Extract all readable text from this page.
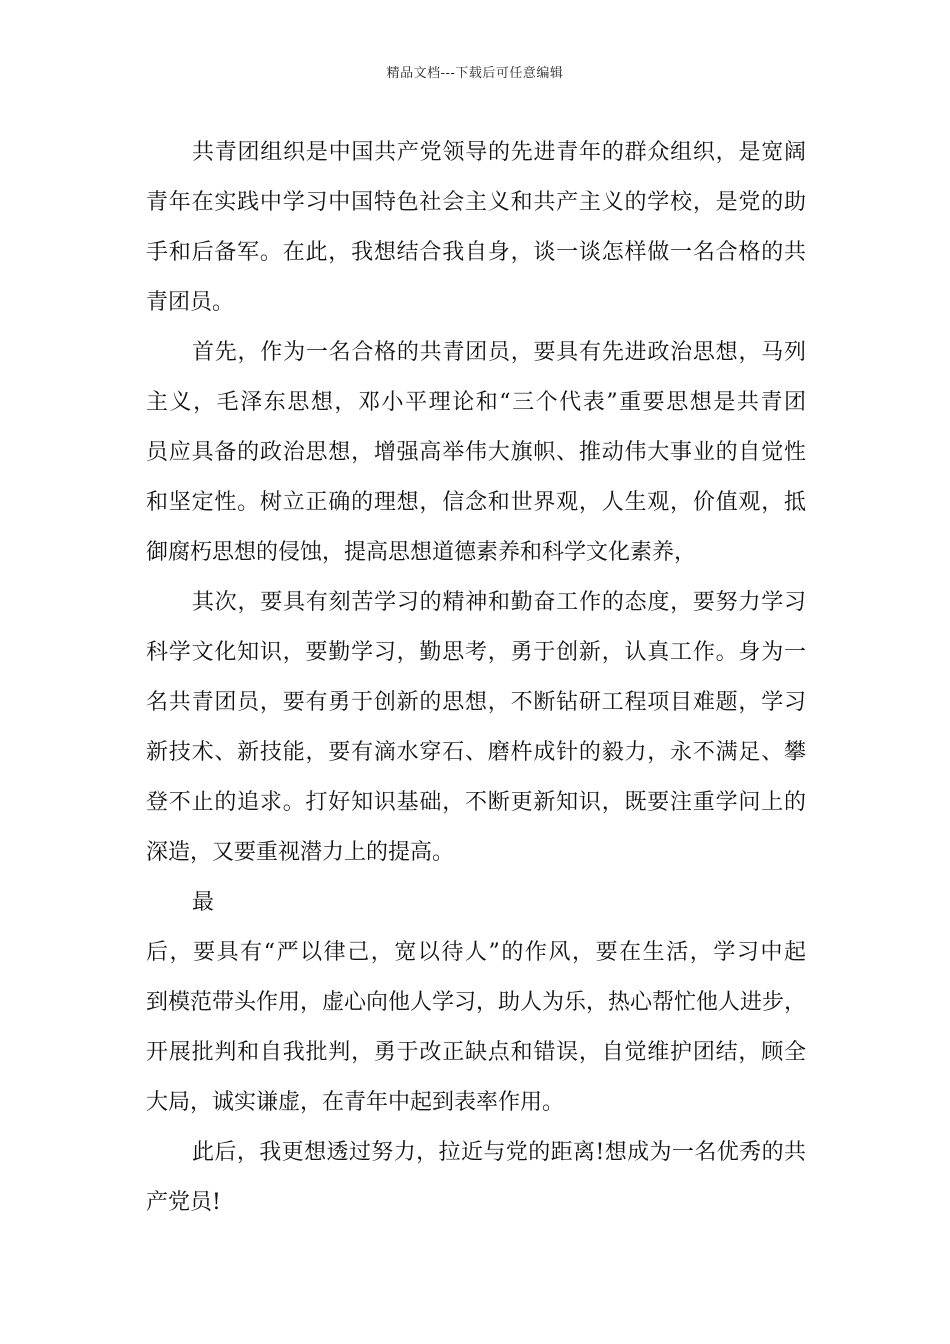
精品文档---下载后可任意编辑
共青团组织是中国共产党领导的先进青年的群众组织，是宽阔
青年在实践中学习中国特色社会主义和共产主义的学校，是党的助
手和后备军。在此，我想结合我自身，谈一谈怎样做一名合格的共
青团员。
首先，作为一名合格的共青团员，要具有先进政治思想，马列
主义，毛泽东思想，邓小平理论和“三个代表”重要思想是共青团
员应具备的政治思想，增强高举伟大旗帜、推动伟大事业的自觉性
和坚定性。树立正确的理想，信念和世界观，人生观，价值观，抵
御腐朽思想的侵蚀，提高思想道德素养和科学文化素养，
其次，要具有刻苦学习的精神和勤奋工作的态度，要努力学习
科学文化知识，要勤学习，勤思考，勇于创新，认真工作。身为一
名共青团员，要有勇于创新的思想，不断钻研工程项目难题，学习
新技术、新技能，要有滴水穿石、磨杵成针的毅力，永不满足、攀
登不止的追求。打好知识基础，不断更新知识，既要注重学问上的
深造，又要重视潜力上的提高。
最
后，要具有“严以律己，宽以待人”的作风，要在生活，学习中起
到模范带头作用，虚心向他人学习，助人为乐，热心帮忙他人进步，
开展批判和自我批判，勇于改正缺点和错误，自觉维护团结，顾全
大局，诚实谦虚，在青年中起到表率作用。
此后，我更想透过努力，拉近与党的距离!想成为一名优秀的共
产党员!
